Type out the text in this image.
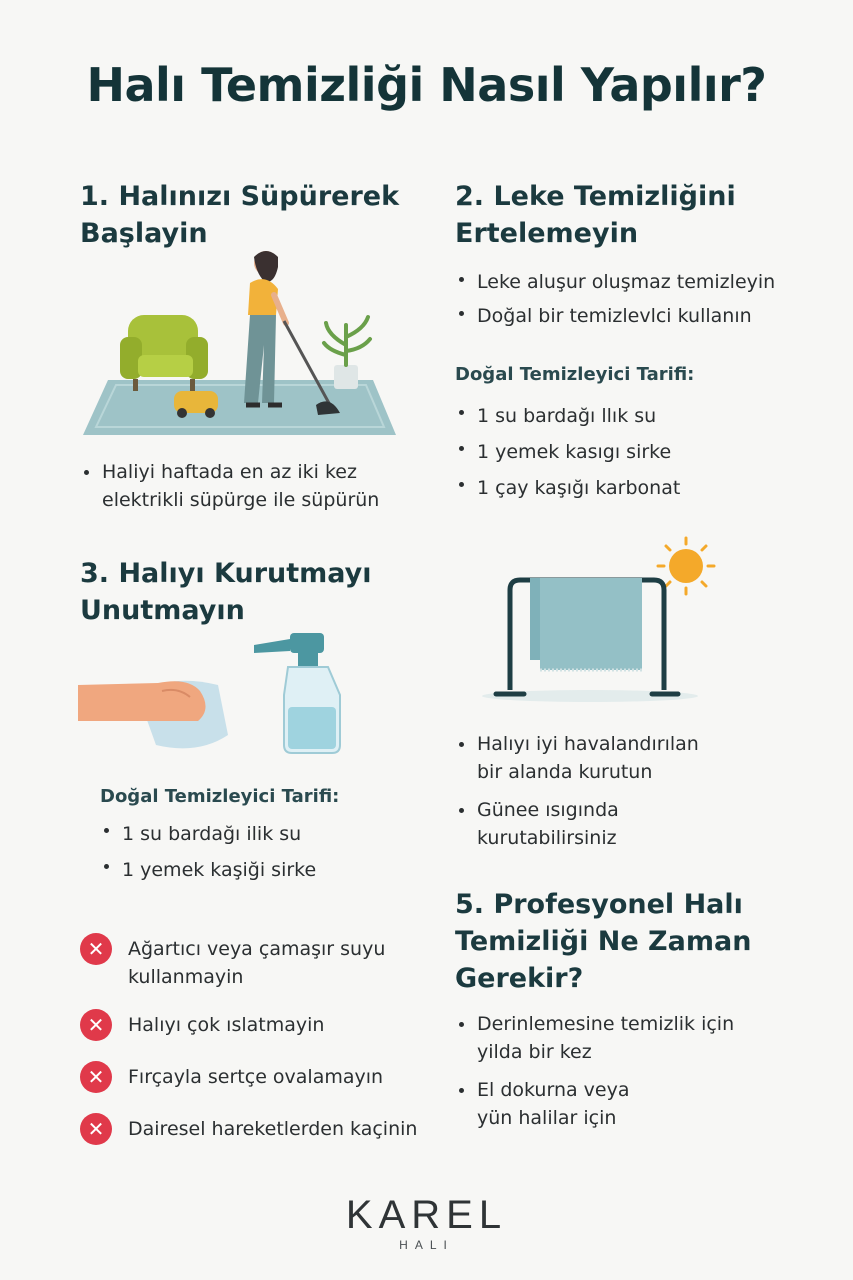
Halı Temizliği Nasıl Yapılır?
1. Halınızı Süpürerek
Başlayin
Haliyi haftada en az iki kez
elektrikli süpürge ile süpürün
2. Leke Temizliğini
Ertelemeyin
Leke aluşur oluşmaz temizleyin
Doğal bir temizlevlci kullanın
Doğal Temizleyici Tarifi:
1 su bardağı llık su
1 yemek kasıgı sirke
1 çay kaşığı karbonat
3. Halıyı Kurutmayı
Unutmayın
Doğal Temizleyici Tarifi:
1 su bardağı ilik su
1 yemek kaşiği sirke
✕	Ağartıcı veya çamaşır suyu
kullanmayin
✕	Halıyı çok ıslatmayin
✕	Fırçayla sertçe ovalamayın
✕	Dairesel hareketlerden kaçinin
Halıyı iyi havalandırılan
bir alanda kurutun
Günee ısıgında
kurutabilirsiniz
5. Profesyonel Halı
Temizliği Ne Zaman
Gerekir?
Derinlemesine temizlik için
yilda bir kez
El dokurna veya
yün halilar için
KAREL
HALI
